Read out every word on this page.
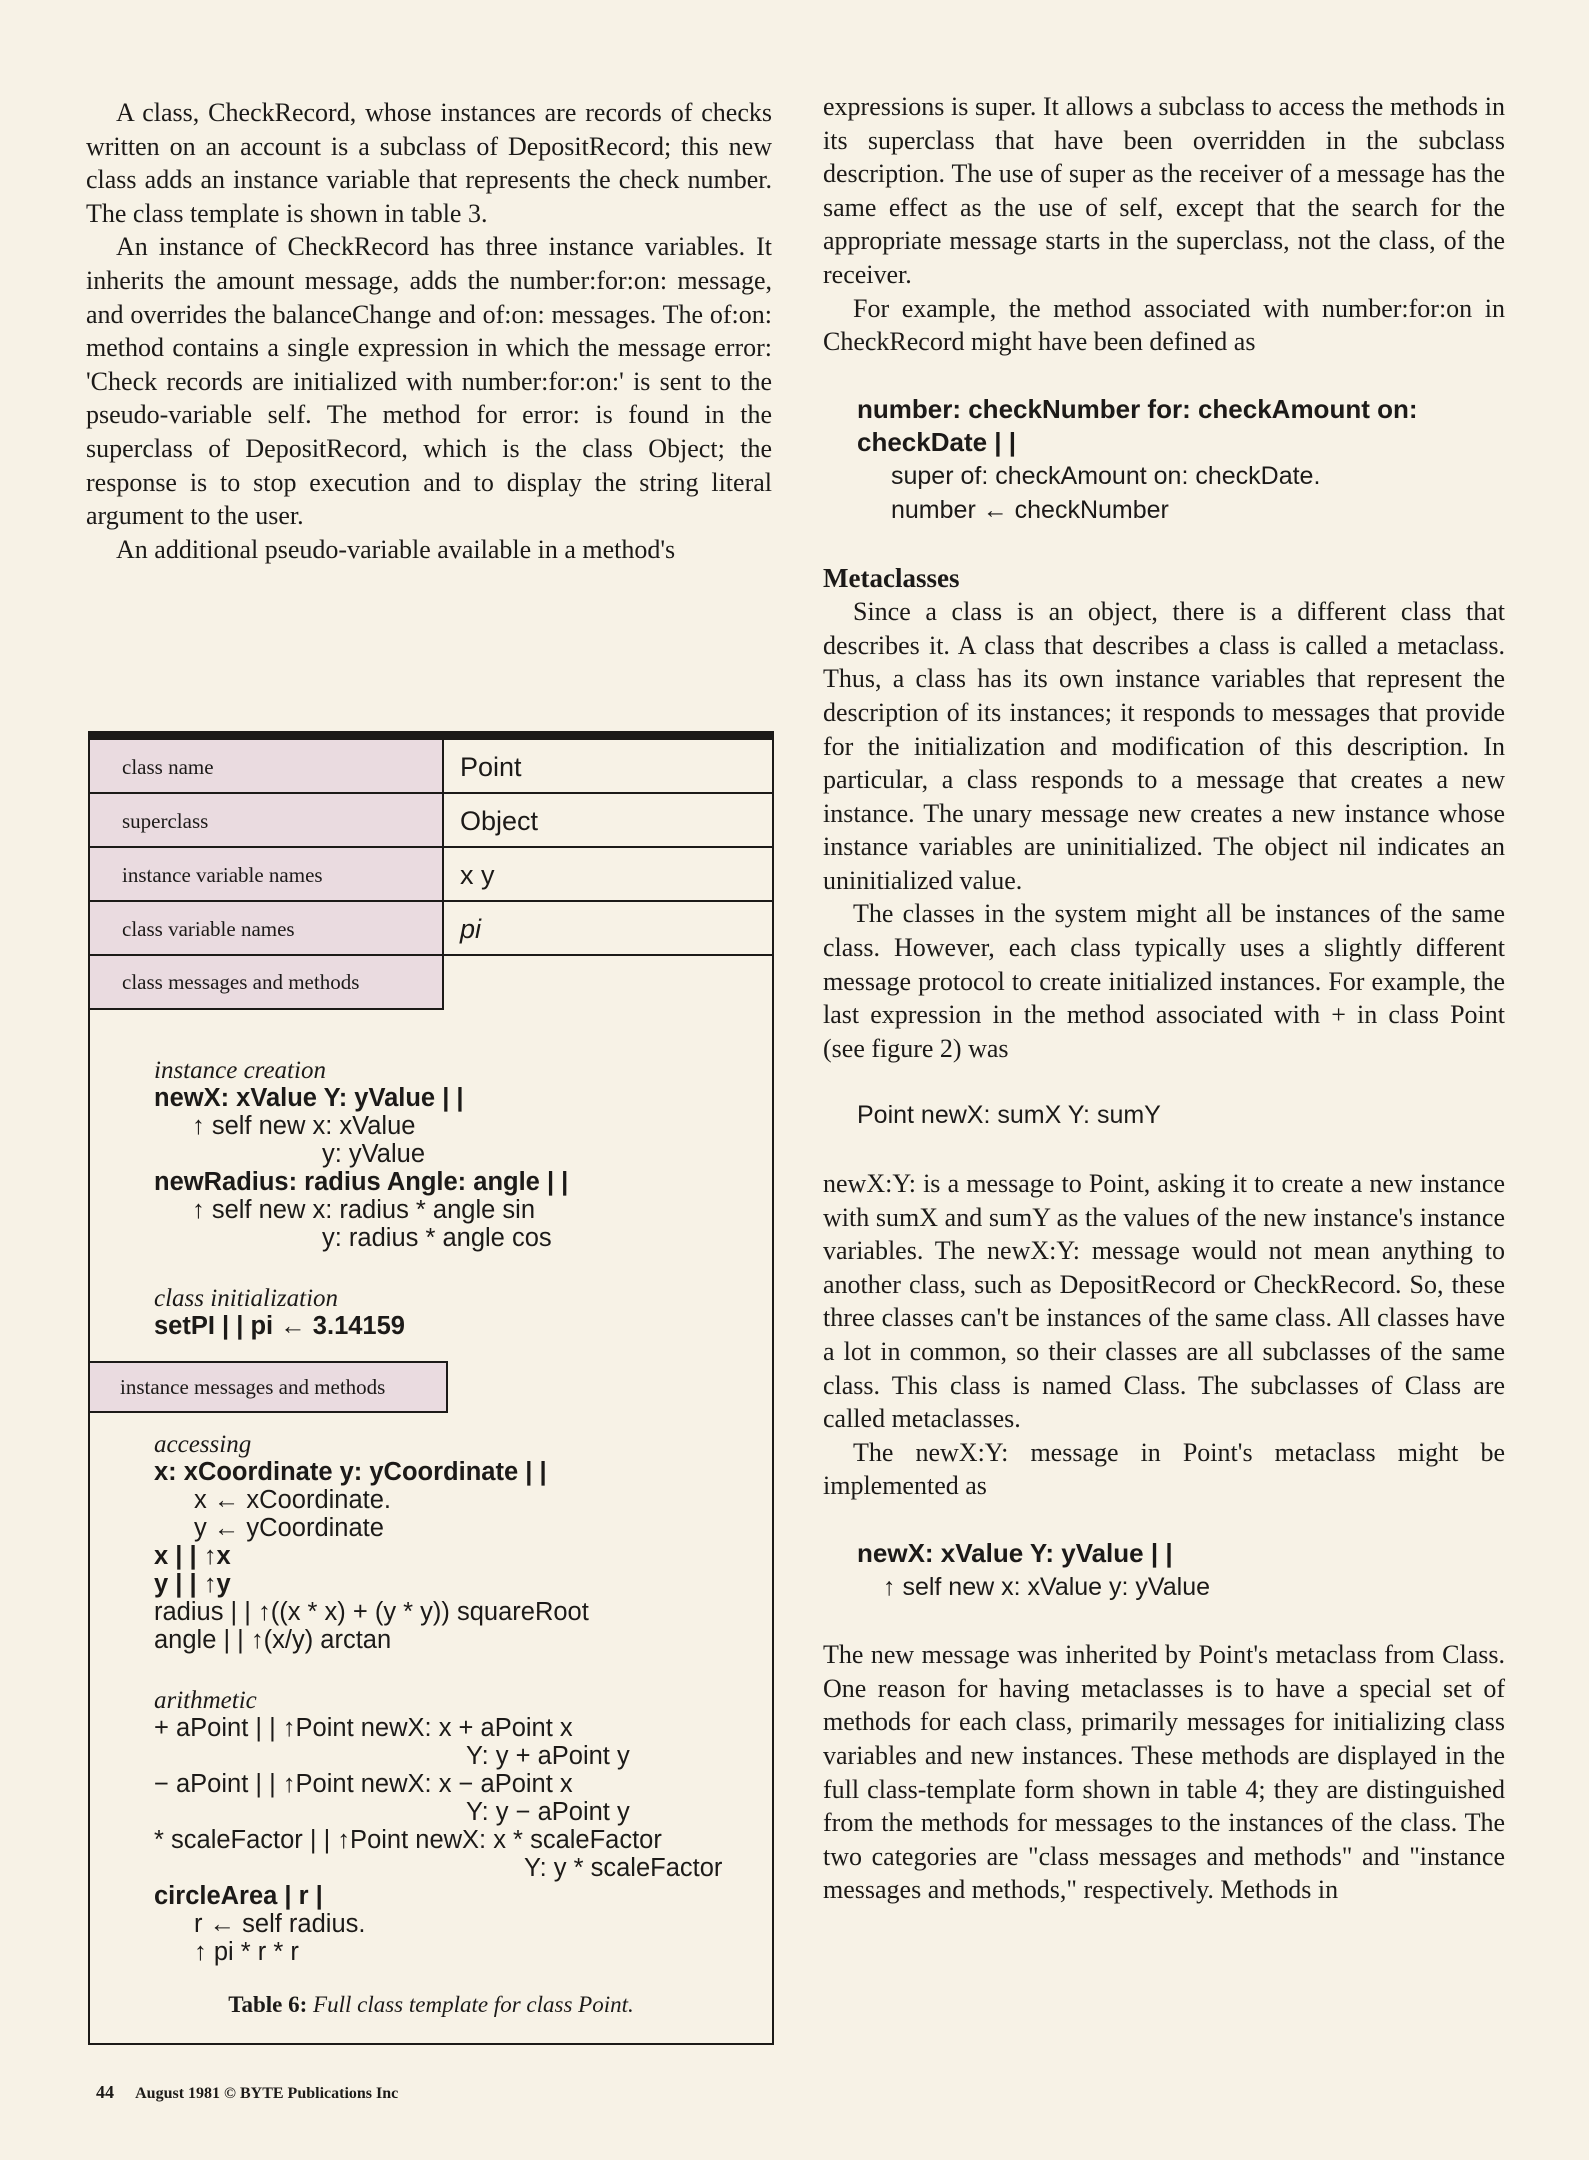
A class, CheckRecord, whose instances are records of checks written on an account is a subclass of DepositRecord; this new class adds an instance variable that represents the check number. The class template is shown in table 3.

An instance of CheckRecord has three instance variables. It inherits the amount message, adds the number:for:on: message, and overrides the balanceChange and of:on: messages. The of:on: method contains a single expression in which the message error: 'Check records are initialized with number:for:on:' is sent to the pseudo-variable self. The method for error: is found in the superclass of DepositRecord, which is the class Object; the response is to stop execution and to display the string literal argument to the user.

An additional pseudo-variable available in a method's

class name	Point
superclass	Object
instance variable names	x y
class variable names	pi
class messages and methods
instance creation
newX: xValue Y: yValue | |
↑ self new x: xValue
y: yValue
newRadius: radius Angle: angle | |
↑ self new x: radius * angle sin
y: radius * angle cos
class initialization
setPI | | pi ← 3.14159
instance messages and methods
accessing
x: xCoordinate y: yCoordinate | |
x ← xCoordinate.
y ← yCoordinate
x | | ↑x
y | | ↑y
radius | | ↑((x * x) + (y * y)) squareRoot
angle | | ↑(x/y) arctan
arithmetic
+ aPoint | | ↑Point newX: x + aPoint x
Y: y + aPoint y
− aPoint | | ↑Point newX: x − aPoint x
Y: y − aPoint y
* scaleFactor | | ↑Point newX: x * scaleFactor
Y: y * scaleFactor
circleArea | r |
r ← self radius.
↑ pi * r * r
Table 6: Full class template for class Point.

expressions is super. It allows a subclass to access the methods in its superclass that have been overridden in the subclass description. The use of super as the receiver of a message has the same effect as the use of self, except that the search for the appropriate message starts in the superclass, not the class, of the receiver.

For example, the method associated with number:for:on in CheckRecord might have been defined as

number: checkNumber for: checkAmount on:
checkDate | |
super of: checkAmount on: checkDate.
number ← checkNumber
Metaclasses

Since a class is an object, there is a different class that describes it. A class that describes a class is called a metaclass. Thus, a class has its own instance variables that represent the description of its instances; it responds to messages that provide for the initialization and modification of this description. In particular, a class responds to a message that creates a new instance. The unary message new creates a new instance whose instance variables are uninitialized. The object nil indicates an uninitialized value.

The classes in the system might all be instances of the same class. However, each class typically uses a slightly different message protocol to create initialized instances. For example, the last expression in the method associated with + in class Point (see figure 2) was

Point newX: sumX Y: sumY

newX:Y: is a message to Point, asking it to create a new instance with sumX and sumY as the values of the new instance's instance variables. The newX:Y: message would not mean anything to another class, such as DepositRecord or CheckRecord. So, these three classes can't be instances of the same class. All classes have a lot in common, so their classes are all subclasses of the same class. This class is named Class. The subclasses of Class are called metaclasses.

The newX:Y: message in Point's metaclass might be implemented as

newX: xValue Y: yValue | |
↑ self new x: xValue y: yValue

The new message was inherited by Point's metaclass from Class. One reason for having metaclasses is to have a special set of methods for each class, primarily messages for initializing class variables and new instances. These methods are displayed in the full class-template form shown in table 4; they are distinguished from the methods for messages to the instances of the class. The two categories are "class messages and methods" and "instance messages and methods," respectively. Methods in

44 August 1981 © BYTE Publications Inc
